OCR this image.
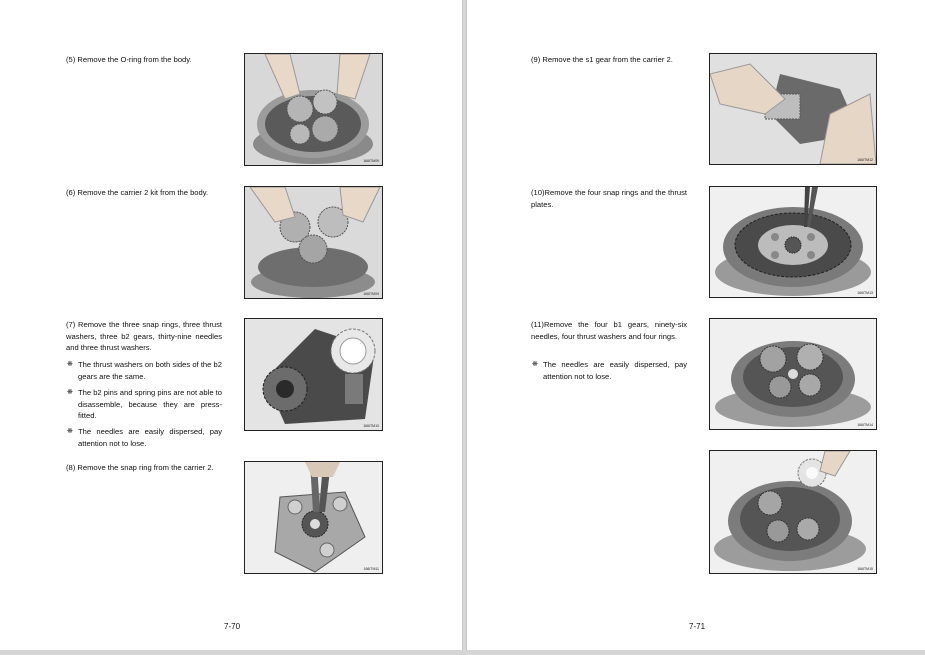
(5) Remove the O-ring from the body.
166ITM09
(6) Remove the carrier 2 kit from the body.
166ITM09
(7) Remove the three snap rings, three thrust washers, three b2 gears, thirty-nine needles and three thrust washers.
❋ The thrust washers on both sides of the b2 gears are the same.
❋ The b2 pins and spring pins are not able to disassemble, because they are press-fitted.
❋ The needles are easily dispersed, pay attention not to lose.
166ITM10
(8) Remove the snap ring from the carrier 2.
166ITM11
7-70
(9) Remove the s1 gear from the carrier 2.
166ITM12
(10)Remove the four snap rings and the thrust plates.
166ITM13
(11)Remove the four b1 gears, ninety-six needles, four thrust washers and four rings.
❋ The needles are easily dispersed, pay attention not to lose.
166ITM14
166ITM15
7-71
